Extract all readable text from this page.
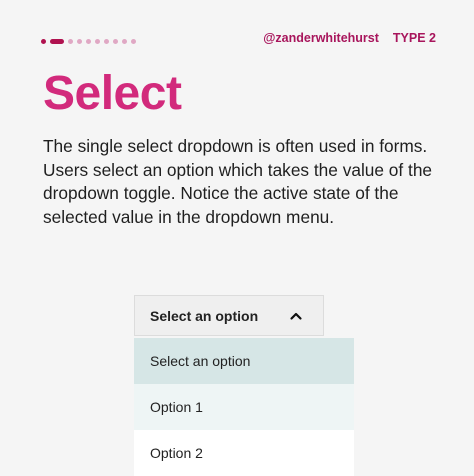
@zanderwhitehurst TYPE 2
Select

The single select dropdown is often used in forms. Users select an option which takes the value of the dropdown toggle. Notice the active state of the selected value in the dropdown menu.

Select an option
Select an option
Option 1
Option 2
